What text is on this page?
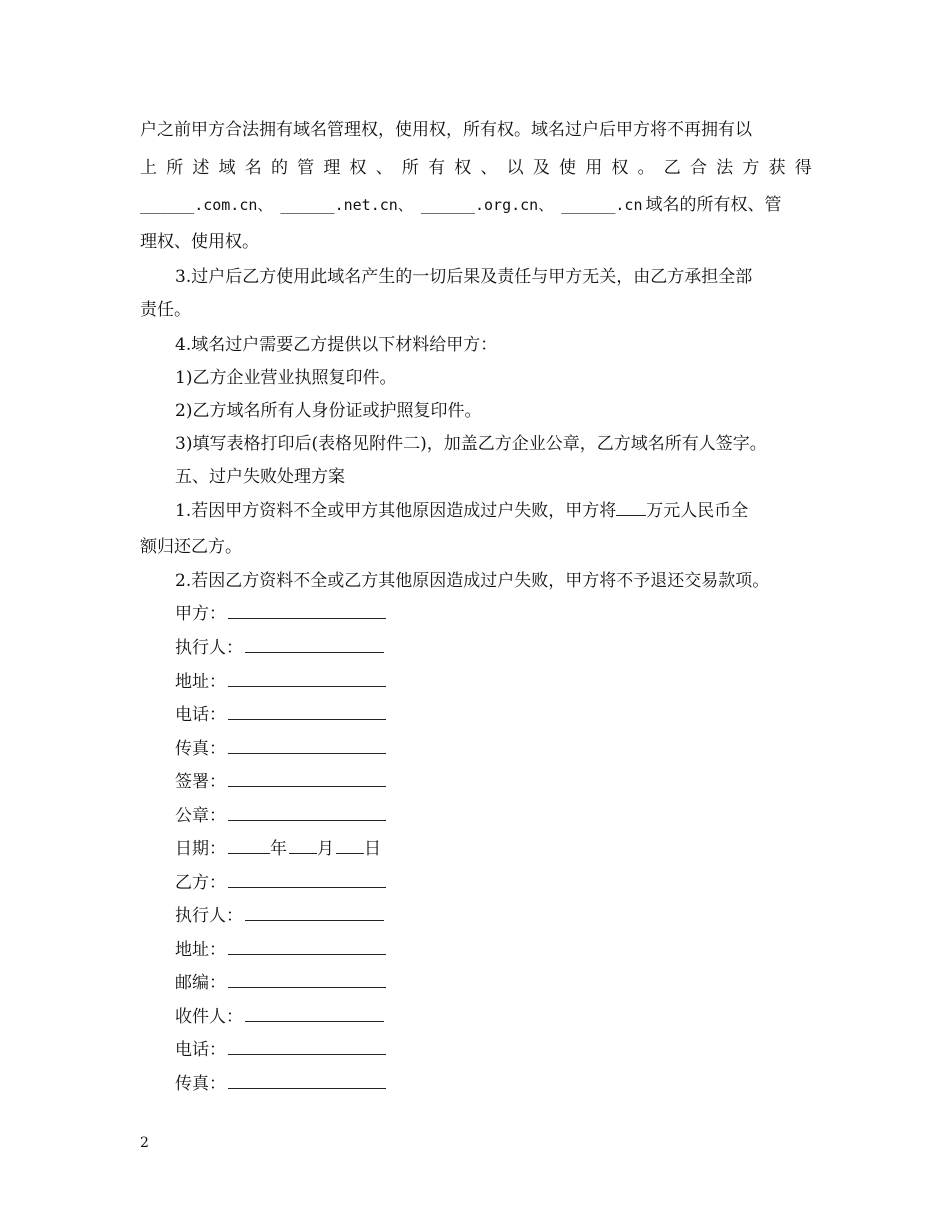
户之前甲方合法拥有域名管理权，使用权，所有权。域名过户后甲方将不再拥有以
上 所 述 域 名 的 管 理 权 、 所 有 权 、 以 及 使 用 权 。 乙 合 法 方 获 得
______.com.cn、 ______.net.cn、 ______.org.cn、 ______.cn 域名的所有权、管
理权、使用权。
3.过户后乙方使用此域名产生的一切后果及责任与甲方无关，由乙方承担全部
责任。
4.域名过户需要乙方提供以下材料给甲方：
1)乙方企业营业执照复印件。
2)乙方域名所有人身份证或护照复印件。
3)填写表格打印后(表格见附件二)，加盖乙方企业公章，乙方域名所有人签字。
五、过户失败处理方案
1.若因甲方资料不全或甲方其他原因造成过户失败，甲方将 万元人民币全
额归还乙方。
2.若因乙方资料不全或乙方其他原因造成过户失败，甲方将不予退还交易款项。
甲方：
执行人：
地址：
电话：
传真：
签署：
公章：
日期：	年 月 日
乙方：
执行人：
地址：
邮编：
收件人：
电话：
传真：
2
